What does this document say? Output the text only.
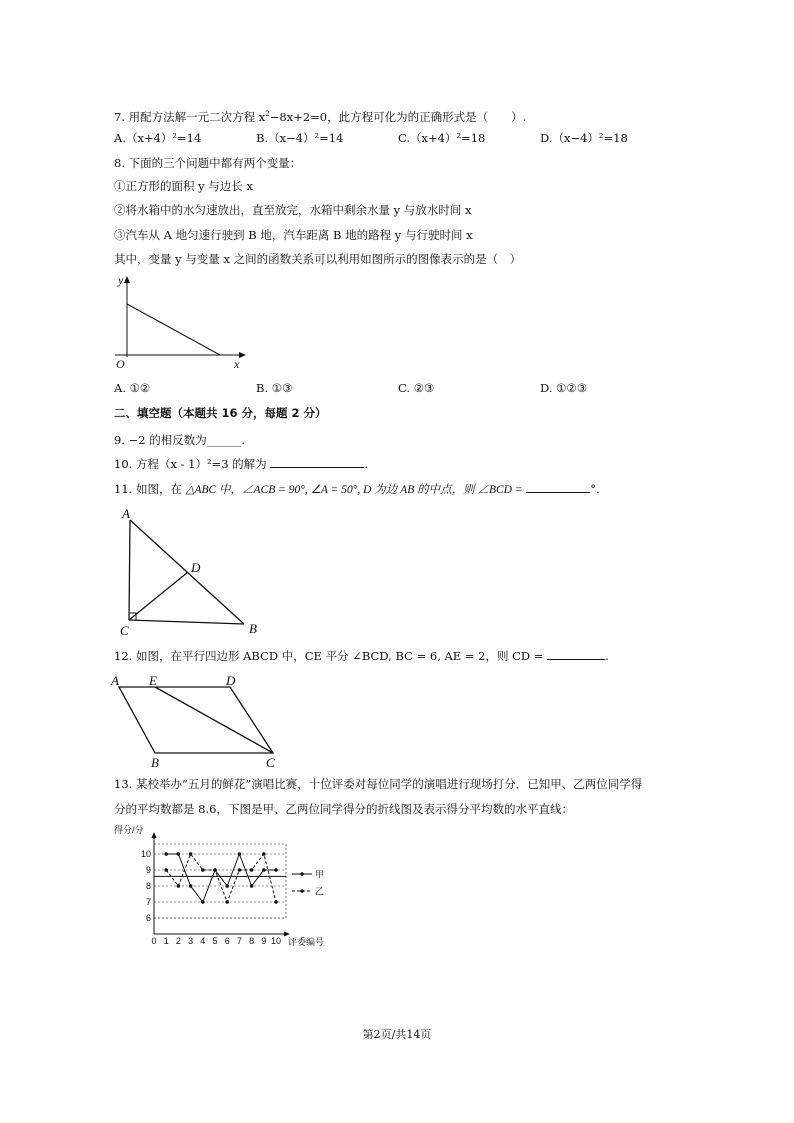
7. 用配方法解一元二次方程 $x^2-8x+2=0$，此方程可化为的正确形式是（　　）.
A.（x+4）²=14	B.（x−4）²=14	C.（x+4）²=18	D.（x−4）²=18
8. 下面的三个问题中都有两个变量：
①正方形的面积 y 与边长 x
②将水箱中的水匀速放出，直至放完，水箱中剩余水量 y 与放水时间 x
③汽车从 A 地匀速行驶到 B 地，汽车距离 B 地的路程 y 与行驶时间 x
其中，变量 y 与变量 x 之间的函数关系可以利用如图所示的图像表示的是（　）
y
x
O
A. ①②	B. ①③	C. ②③	D. ①②③
二、填空题（本题共 16 分，每题 2 分）
9. −2 的相反数为______.
10. 方程（x - 1）²=3 的解为	.
11. 如图，在 △ABC 中，∠ACB = 90°, ∠A = 50°, D 为边 AB 的中点，则 ∠BCD =	°.
A
B
C
D
12. 如图，在平行四边形 ABCD 中，CE 平分 ∠BCD, BC = 6, AE = 2，则 CD =	.
A E	D
B	C
13. 某校举办“五月的鲜花”演唱比赛，十位评委对每位同学的演唱进行现场打分．已知甲、乙两位同学得
分的平均数都是 8.6，下图是甲、乙两位同学得分的折线图及表示得分平均数的水平直线：
得分/分
评委编号
6
7
8
9
10
0 1 2 3 4 5 6 7 8 9 10
甲
乙
第2页/共14页
